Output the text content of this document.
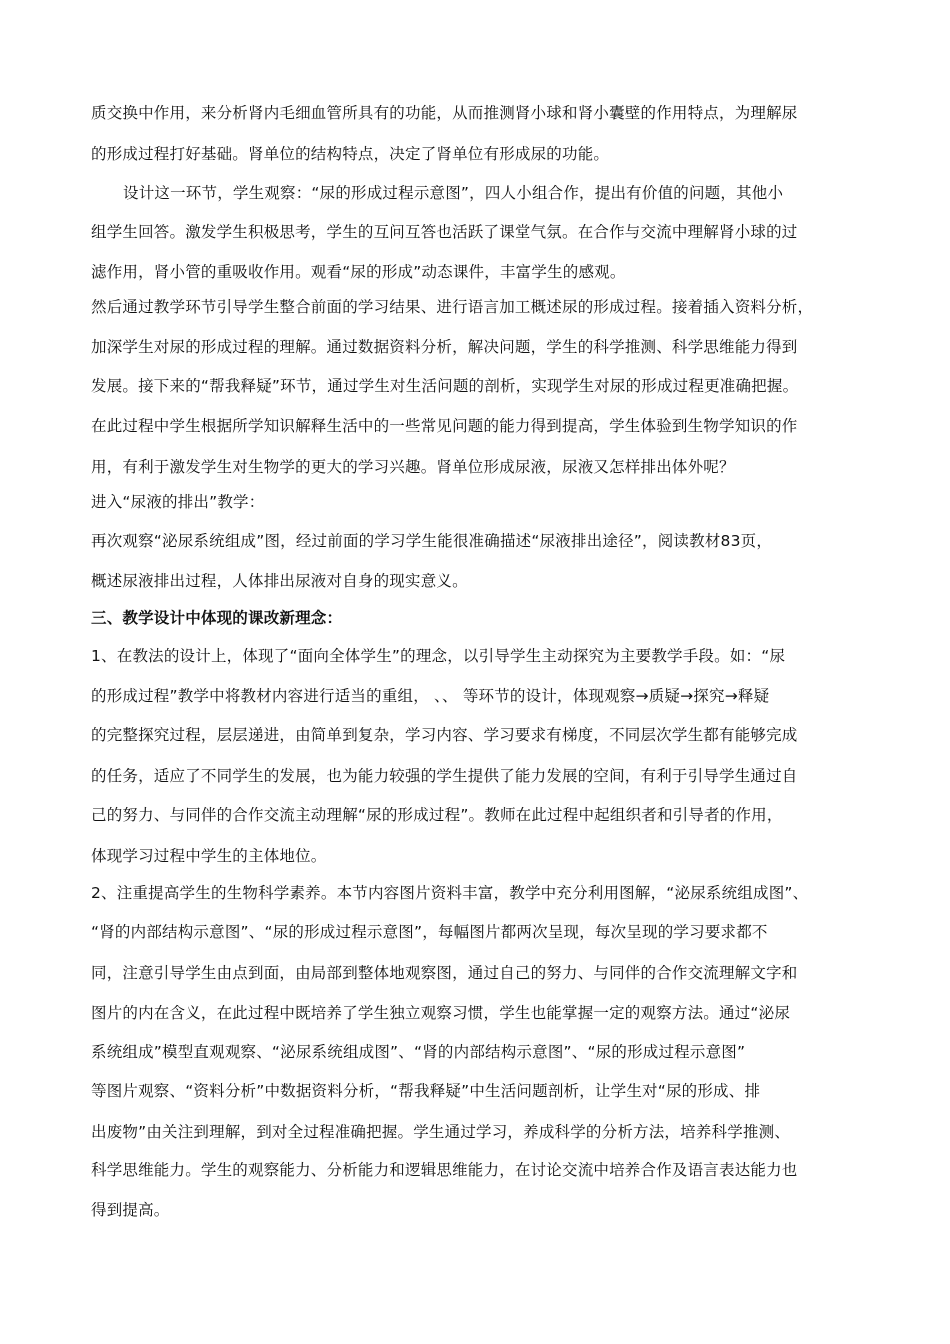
质交换中作用，来分析肾内毛细血管所具有的功能，从而推测肾小球和肾小囊壁的作用特点，为理解尿
的形成过程打好基础。肾单位的结构特点，决定了肾单位有形成尿的功能。
设计这一环节，学生观察：“尿的形成过程示意图”，四人小组合作，提出有价值的问题，其他小
组学生回答。激发学生积极思考，学生的互问互答也活跃了课堂气氛。在合作与交流中理解肾小球的过
滤作用，肾小管的重吸收作用。观看“尿的形成”动态课件，丰富学生的感观。
然后通过教学环节引导学生整合前面的学习结果、进行语言加工概述尿的形成过程。接着插入资料分析，
加深学生对尿的形成过程的理解。通过数据资料分析，解决问题，学生的科学推测、科学思维能力得到
发展。接下来的“帮我释疑”环节，通过学生对生活问题的剖析，实现学生对尿的形成过程更准确把握。
在此过程中学生根据所学知识解释生活中的一些常见问题的能力得到提高，学生体验到生物学知识的作
用，有利于激发学生对生物学的更大的学习兴趣。肾单位形成尿液，尿液又怎样排出体外呢？
进入“尿液的排出”教学：
再次观察“泌尿系统组成”图，经过前面的学习学生能很准确描述“尿液排出途径”，阅读教材83页，
概述尿液排出过程，人体排出尿液对自身的现实意义。
三、教学设计中体现的课改新理念：
1、在教法的设计上，体现了“面向全体学生”的理念，以引导学生主动探究为主要教学手段。如：“尿
的形成过程”教学中将教材内容进行适当的重组， 、、 等环节的设计，体现观察→质疑→探究→释疑
的完整探究过程，层层递进，由简单到复杂，学习内容、学习要求有梯度，不同层次学生都有能够完成
的任务，适应了不同学生的发展，也为能力较强的学生提供了能力发展的空间，有利于引导学生通过自
己的努力、与同伴的合作交流主动理解“尿的形成过程”。教师在此过程中起组织者和引导者的作用，
体现学习过程中学生的主体地位。
2、注重提高学生的生物科学素养。本节内容图片资料丰富，教学中充分利用图解，“泌尿系统组成图”、
“肾的内部结构示意图”、“尿的形成过程示意图”，每幅图片都两次呈现，每次呈现的学习要求都不
同，注意引导学生由点到面，由局部到整体地观察图，通过自己的努力、与同伴的合作交流理解文字和
图片的内在含义，在此过程中既培养了学生独立观察习惯，学生也能掌握一定的观察方法。通过“泌尿
系统组成”模型直观观察、“泌尿系统组成图”、“肾的内部结构示意图”、“尿的形成过程示意图”
等图片观察、“资料分析”中数据资料分析，“帮我释疑”中生活问题剖析，让学生对“尿的形成、排
出废物”由关注到理解，到对全过程准确把握。学生通过学习，养成科学的分析方法，培养科学推测、
科学思维能力。学生的观察能力、分析能力和逻辑思维能力，在讨论交流中培养合作及语言表达能力也
得到提高。
